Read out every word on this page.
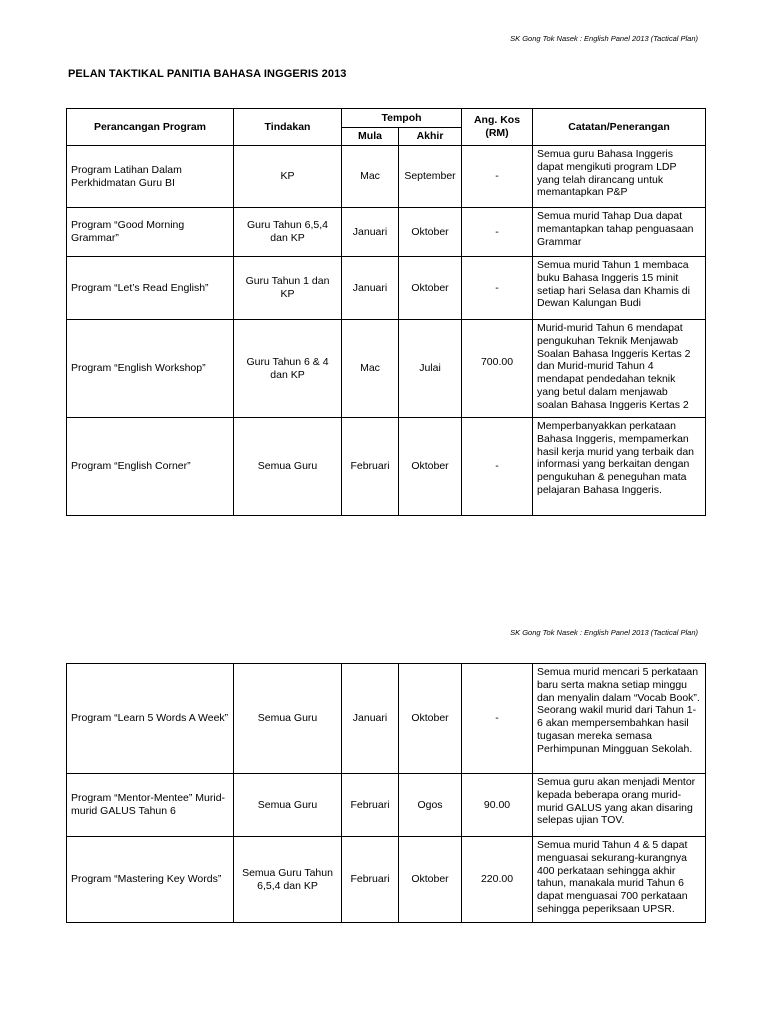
SK Gong Tok Nasek : English Panel 2013 (Tactical Plan)
PELAN TAKTIKAL PANITIA BAHASA INGGERIS 2013
Perancangan Program	Tindakan	Tempoh		Ang. Kos (RM)	Catatan/Penerangan
		Mula	Akhir		
Program Latihan Dalam Perkhidmatan Guru BI	KP	Mac	September	-	Semua guru Bahasa Inggeris dapat mengikuti program LDP yang telah dirancang untuk memantapkan P&P
Program “Good Morning Grammar”	Guru Tahun 6,5,4 dan KP	Januari	Oktober	-	Semua murid Tahap Dua dapat memantapkan tahap penguasaan Grammar
Program “Let’s Read English”	Guru Tahun 1 dan KP	Januari	Oktober	-	Semua murid Tahun 1 membaca buku Bahasa Inggeris 15 minit setiap hari Selasa dan Khamis di Dewan Kalungan Budi
Program “English Workshop”	Guru Tahun 6 & 4 dan KP	Mac	Julai	700.00	Murid-murid Tahun 6 mendapat pengukuhan Teknik Menjawab Soalan Bahasa Inggeris Kertas 2 dan Murid-murid Tahun 4 mendapat pendedahan teknik yang betul dalam menjawab soalan Bahasa Inggeris Kertas 2
Program “English Corner”	Semua Guru	Februari	Oktober	-	Memperbanyakkan perkataan Bahasa Inggeris, mempamerkan hasil kerja murid yang terbaik dan informasi yang berkaitan dengan pengukuhan & peneguhan mata pelajaran Bahasa Inggeris.
SK Gong Tok Nasek : English Panel 2013 (Tactical Plan)
Program “Learn 5 Words A Week”	Semua Guru	Januari	Oktober	-	Semua murid mencari 5 perkataan baru serta makna setiap minggu dan menyalin dalam “Vocab Book”. Seorang wakil murid dari Tahun 1-6 akan mempersembahkan hasil tugasan mereka semasa Perhimpunan Mingguan Sekolah.
Program “Mentor-Mentee” Murid-murid GALUS Tahun 6	Semua Guru	Februari	Ogos	90.00	Semua guru akan menjadi Mentor kepada beberapa orang murid-murid GALUS yang akan disaring selepas ujian TOV.
Program “Mastering Key Words”	Semua Guru Tahun 6,5,4 dan KP	Februari	Oktober	220.00	Semua murid Tahun 4 & 5 dapat menguasai sekurang-kurangnya 400 perkataan sehingga akhir tahun, manakala murid Tahun 6 dapat menguasai 700 perkataan sehingga peperiksaan UPSR.
